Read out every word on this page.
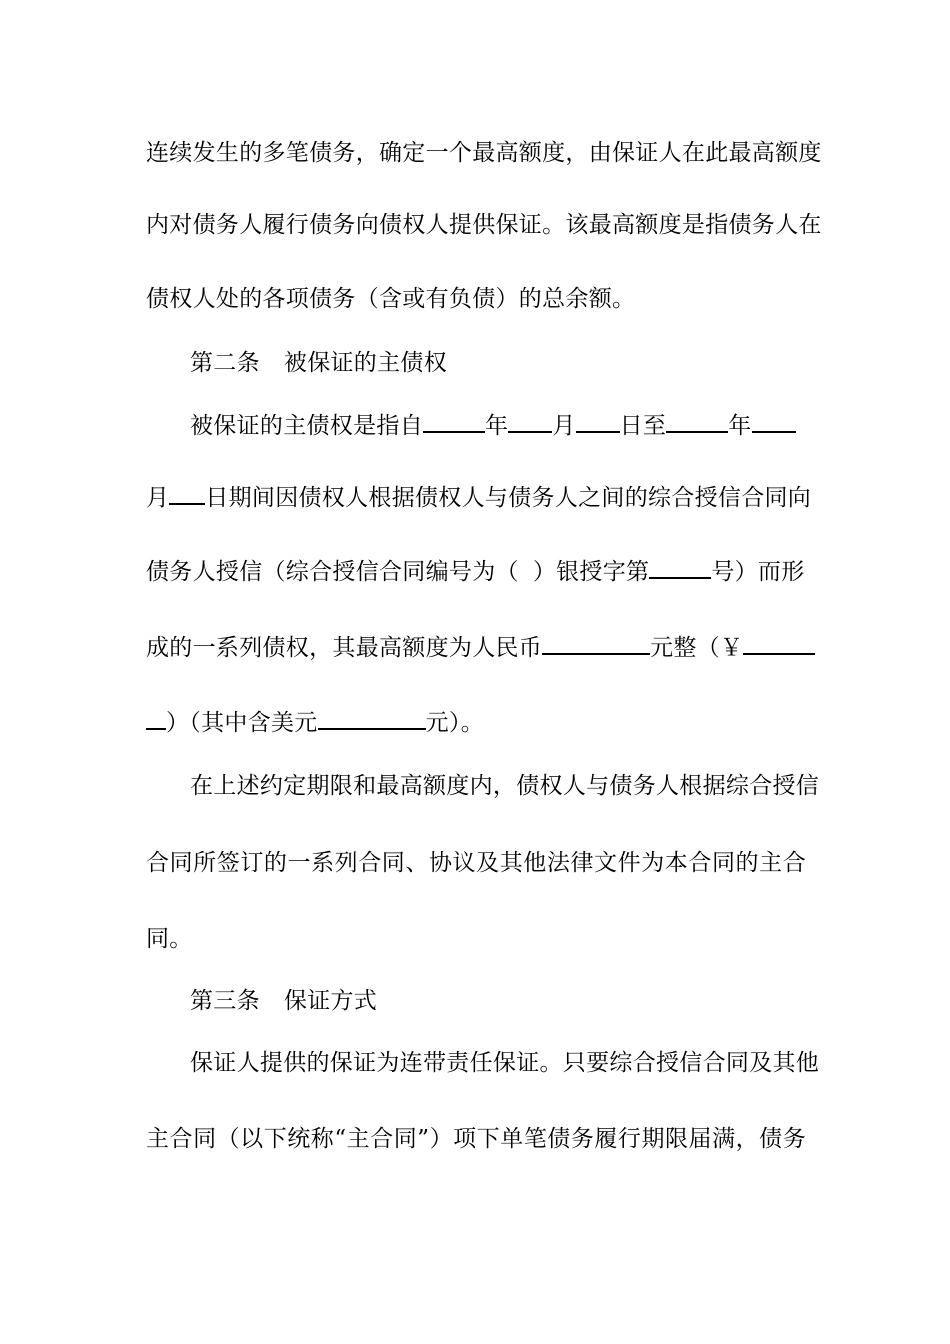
连续发生的多笔债务，确定一个最高额度，由保证人在此最高额度
内对债务人履行债务向债权人提供保证。该最高额度是指债务人在
债权人处的各项债务（含或有负债）的总余额。
第二条 被保证的主债权
被保证的主债权是指自	年 月 日至	年
月 日期间因债权人根据债权人与债务人之间的综合授信合同向
债务人授信（综合授信合同编号为（ ）银授字第	号）而形
成的一系列债权，其最高额度为人民币	元整（￥
）（其中含美元	元）。
在上述约定期限和最高额度内，债权人与债务人根据综合授信
合同所签订的一系列合同、协议及其他法律文件为本合同的主合
同。
第三条 保证方式
保证人提供的保证为连带责任保证。只要综合授信合同及其他
主合同（以下统称“主合同”）项下单笔债务履行期限届满，债务
